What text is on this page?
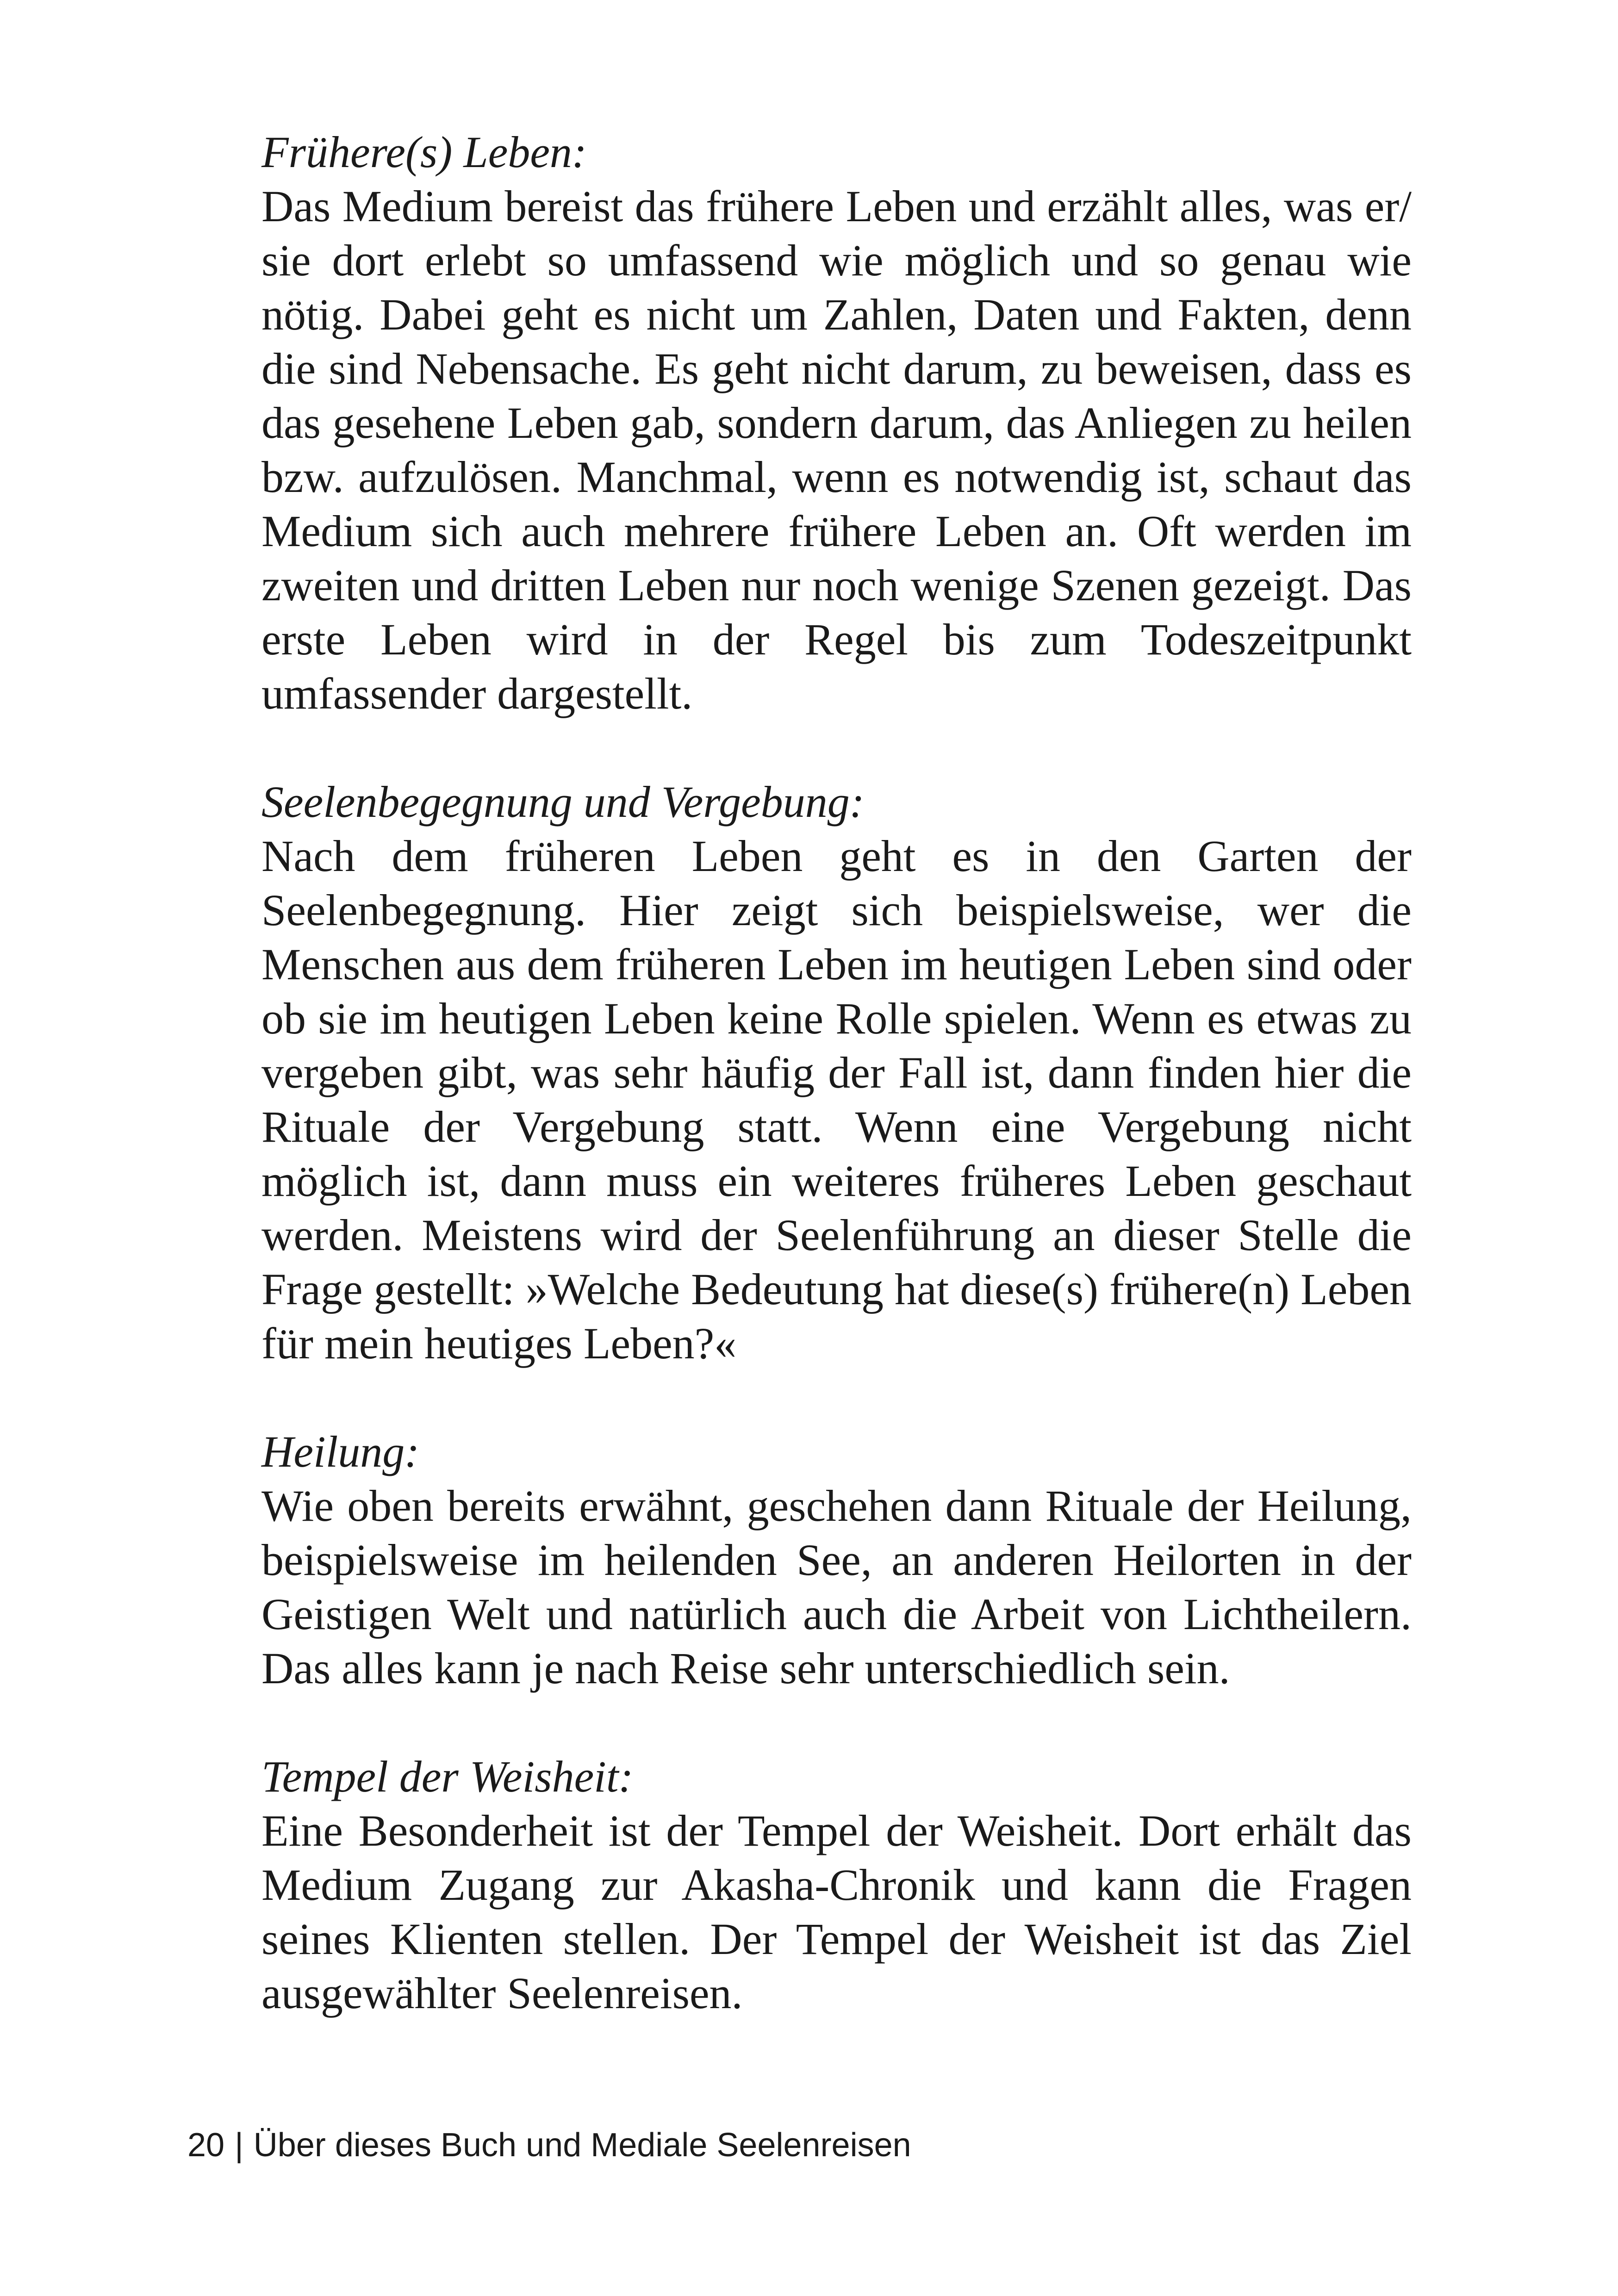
Frühere(s) Leben:

Das Medium bereist das frühere Leben und erzählt alles, was er/ sie dort erlebt so umfassend wie möglich und so genau wie nötig. Dabei geht es nicht um Zahlen, Daten und Fakten, denn die sind Nebensache. Es geht nicht darum, zu beweisen, dass es das gesehene Leben gab, sondern darum, das Anliegen zu heilen bzw. aufzulösen. Manchmal, wenn es notwendig ist, schaut das Medium sich auch mehrere frühere Leben an. Oft werden im zweiten und dritten Leben nur noch wenige Szenen gezeigt. Das erste Leben wird in der Regel bis zum Todeszeitpunkt umfassender dargestellt.

Seelenbegegnung und Vergebung:

Nach dem früheren Leben geht es in den Garten der Seelenbegegnung. Hier zeigt sich beispielsweise, wer die Menschen aus dem früheren Leben im heutigen Leben sind oder ob sie im heutigen Leben keine Rolle spielen. Wenn es etwas zu vergeben gibt, was sehr häufig der Fall ist, dann finden hier die Rituale der Vergebung statt. Wenn eine Vergebung nicht möglich ist, dann muss ein weiteres früheres Leben geschaut werden. Meistens wird der Seelenführung an dieser Stelle die Frage gestellt: »Welche Bedeutung hat diese(s) frühere(n) Leben für mein heutiges Leben?«

Heilung:

Wie oben bereits erwähnt, geschehen dann Rituale der Heilung, beispielsweise im heilenden See, an anderen Heilorten in der Geistigen Welt und natürlich auch die Arbeit von Lichtheilern. Das alles kann je nach Reise sehr unterschiedlich sein.

Tempel der Weisheit:

Eine Besonderheit ist der Tempel der Weisheit. Dort erhält das Medium Zugang zur Akasha-Chronik und kann die Fragen seines Klienten stellen. Der Tempel der Weisheit ist das Ziel ausgewählter Seelenreisen.

20 | Über dieses Buch und Mediale Seelenreisen
